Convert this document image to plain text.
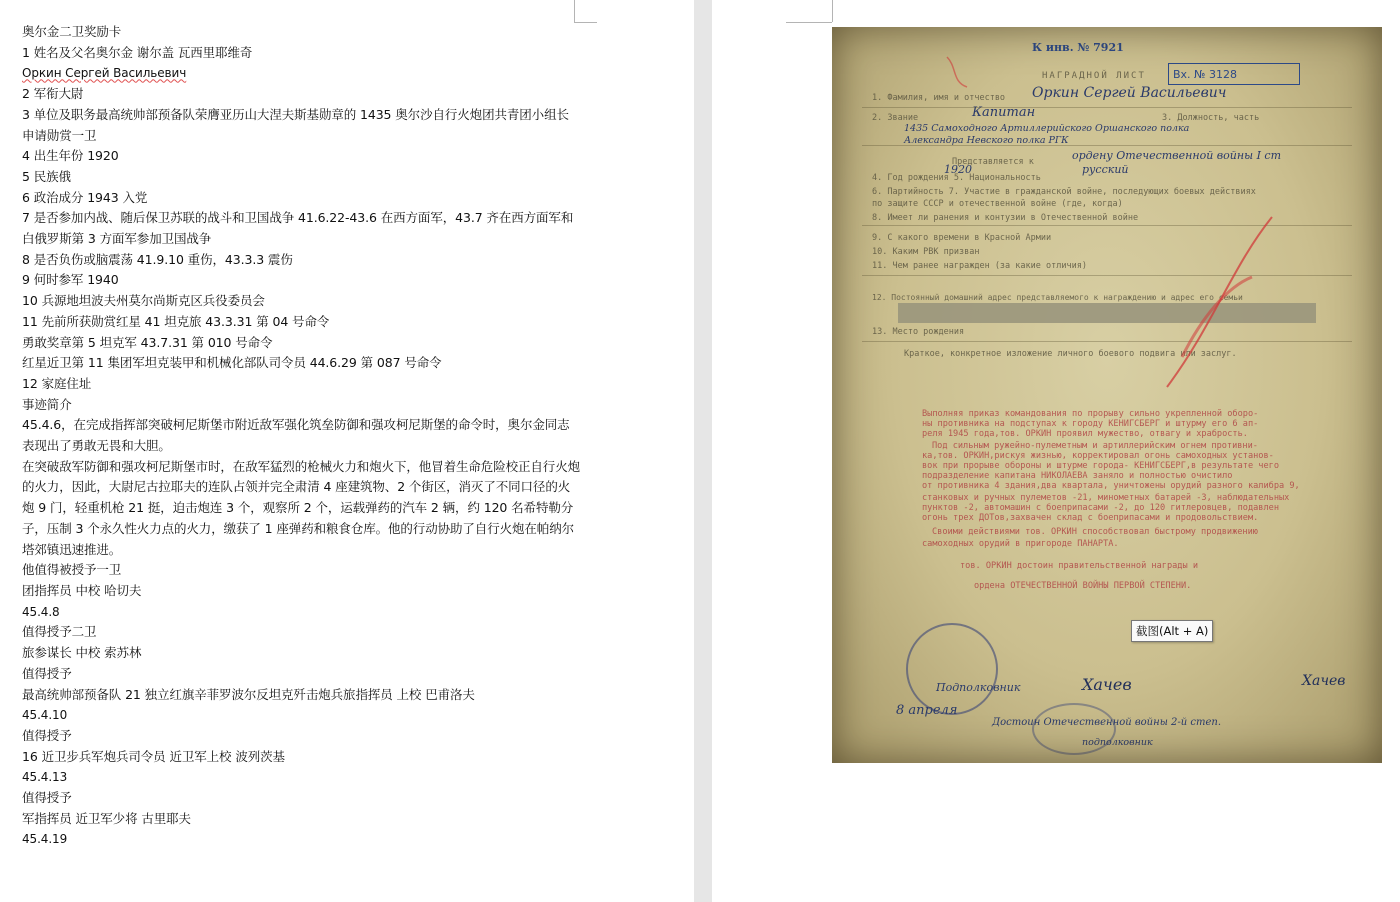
奥尔金二卫奖励卡
1 姓名及父名奥尔金 谢尔盖 瓦西里耶维奇
Оркин Сергей Васильевич
2 军衔大尉
3 单位及职务最高统帅部预备队荣膺亚历山大涅夫斯基勋章的 1435 奥尔沙自行火炮团共青团小组长
申请勋赏一卫
4 出生年份 1920
5 民族俄
6 政治成分 1943 入党
7 是否参加内战、随后保卫苏联的战斗和卫国战争 41.6.22-43.6 在西方面军，43.7 齐在西方面军和白俄罗斯第 3 方面军参加卫国战争
8 是否负伤或脑震荡 41.9.10 重伤，43.3.3 震伤
9 何时参军 1940
10 兵源地坦波夫州莫尔尚斯克区兵役委员会
11 先前所获勋赏红星 41 坦克旅 43.3.31 第 04 号命令
勇敢奖章第 5 坦克军 43.7.31 第 010 号命令
红星近卫第 11 集团军坦克装甲和机械化部队司令员 44.6.29 第 087 号命令
12 家庭住址
事迹简介
45.4.6，在完成指挥部突破柯尼斯堡市附近敌军强化筑垒防御和强攻柯尼斯堡的命令时，奥尔金同志表现出了勇敢无畏和大胆。
在突破敌军防御和强攻柯尼斯堡市时，在敌军猛烈的枪械火力和炮火下，他冒着生命危险校正自行火炮的火力，因此，大尉尼古拉耶夫的连队占领并完全肃清 4 座建筑物、2 个街区，消灭了不同口径的火炮 9 门，轻重机枪 21 挺，迫击炮连 3 个，观察所 2 个，运载弹药的汽车 2 辆，约 120 名希特勒分子，压制 3 个永久性火力点的火力，缴获了 1 座弹药和粮食仓库。他的行动协助了自行火炮在帕纳尔塔郊镇迅速推进。
他值得被授予一卫
团指挥员 中校 哈切夫
45.4.8
值得授予二卫
旅参谋长 中校 索苏林
值得授予
最高统帅部预备队 21 独立红旗辛菲罗波尔反坦克歼击炮兵旅指挥员 上校 巴甫洛夫
45.4.10
值得授予
16 近卫步兵军炮兵司令员 近卫军上校 波列茨基
45.4.13
值得授予
军指挥员 近卫军少将 古里耶夫
45.4.19
К инв. № 7921
Вх. № 3128
НАГРАДНОЙ ЛИСТ
1. Фамилия, имя и отчество Оркин Сергей Васильевич
2. Звание	Капитан	3. Должность, часть
1435 Самоходного Артиллерийского Оршанского полка
Александра Невского полка РГК
Представляется к	ордену Отечественной войны I ст
4. Год рождения 5. Национальность
1920	русский
6. Партийность 7. Участие в гражданской войне, последующих боевых действиях
по защите СССР и отечественной войне (где, когда)
8. Имеет ли ранения и контузии в Отечественной войне
9. С какого времени в Красной Армии
10. Каким РВК призван
11. Чем ранее награжден (за какие отличия)
12. Постоянный домашний адрес представляемого к награждению и адрес его семьи
13. Место рождения
Краткое, конкретное изложение личного боевого подвига или заслуг.
Выполняя приказ командования по прорыву сильно укрепленной оборо-
ны противника на подступах к городу КЕНИГСБЕРГ и штурму его 6 ап-
реля 1945 года,тов. ОРКИН проявил мужество, отвагу и храбрость.
Под сильным ружейно-пулеметным и артиллерийским огнем противни-
ка,тов. ОРКИН,рискуя жизнью, корректировал огонь самоходных установ-
вок при прорыве обороны и штурме города- КЕНИГСБЕРГ,в результате чего
подразделение капитана НИКОЛАЕВА заняло и полностью очистило
от противника 4 здания,два квартала, уничтожены орудий разного калибра 9,
станковых и ручных пулеметов -21, минометных батарей -3, наблюдательных
пунктов -2, автомашин с боеприпасами -2, до 120 гитлеровцев, подавлен
огонь трех ДОТов,захвачен склад с боеприпасами и продовольствием.
Своими действиями тов. ОРКИН способствовал быстрому продвижению
самоходных орудий в пригороде ПАНАРТА.
тов. ОРКИН достоин правительственной награды и
ордена ОТЕЧЕСТВЕННОЙ ВОЙНЫ ПЕРВОЙ СТЕПЕНИ.
Подполковник	Хачев	Хачев
8 апреля
Достоин Отечественной войны 2-й степ.
подполковник
截图(Alt + A)
